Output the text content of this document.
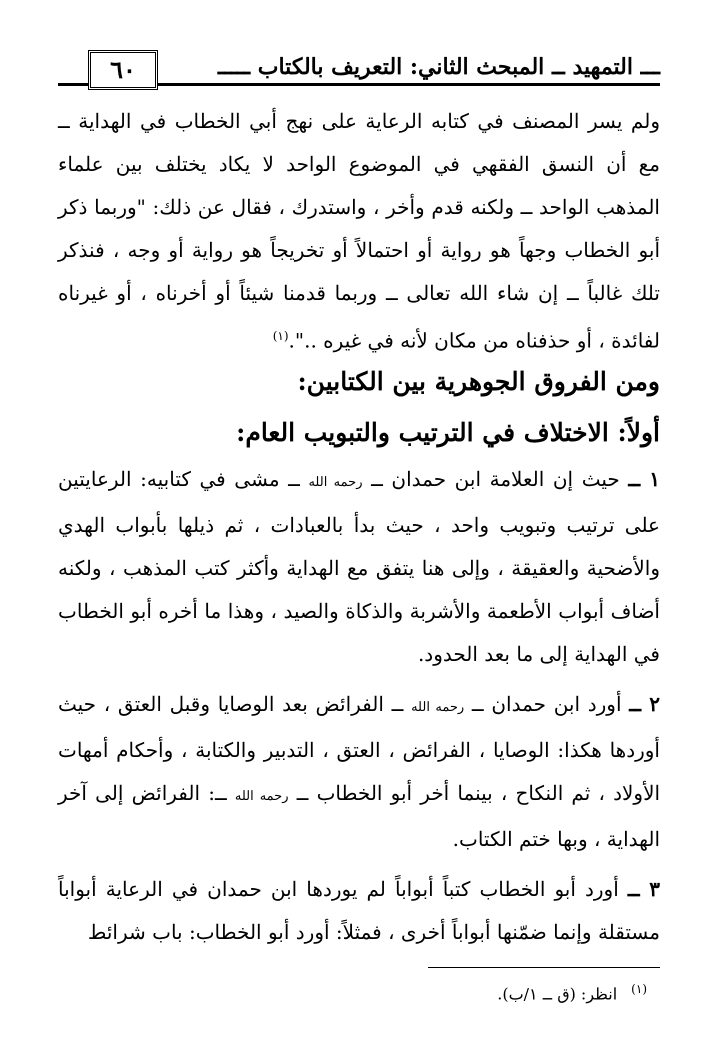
ـــ التمهيد ــ المبحث الثاني: التعريف بالكتاب ـــــ
٦٠
ولم يسر المصنف في كتابه الرعاية على نهج أبي الخطاب في الهداية ــ مع أن النسق الفقهي في الموضوع الواحد لا يكاد يختلف بين علماء المذهب الواحد ــ ولكنه قدم وأخر ، واستدرك ، فقال عن ذلك: "وربما ذكر أبو الخطاب وجهاً هو رواية أو احتمالاً أو تخريجاً هو رواية أو وجه ، فنذكر تلك غالباً ــ إن شاء الله تعالى ــ وربما قدمنا شيئاً أو أخرناه ، أو غيرناه لفائدة ، أو حذفناه من مكان لأنه في غيره ..".$^{(١)}$
ومن الفروق الجوهرية بين الكتابين:
أولاً: الاختلاف في الترتيب والتبويب العام:
١ ــ حيث إن العلامة ابن حمدان ــ رحمه الله ــ مشى في كتابيه: الرعايتين على ترتيب وتبويب واحد ، حيث بدأ بالعبادات ، ثم ذيلها بأبواب الهدي والأضحية والعقيقة ، وإلى هنا يتفق مع الهداية وأكثر كتب المذهب ، ولكنه أضاف أبواب الأطعمة والأشربة والذكاة والصيد ، وهذا ما أخره أبو الخطاب في الهداية إلى ما بعد الحدود.
٢ ــ أورد ابن حمدان ــ رحمه الله ــ الفرائض بعد الوصايا وقبل العتق ، حيث أوردها هكذا: الوصايا ، الفرائض ، العتق ، التدبير والكتابة ، وأحكام أمهات الأولاد ، ثم النكاح ، بينما أخر أبو الخطاب ــ رحمه الله ــ: الفرائض إلى آخر الهداية ، وبها ختم الكتاب.
٣ ــ أورد أبو الخطاب كتباً أبواباً لم يوردها ابن حمدان في الرعاية أبواباً مستقلة وإنما ضمّنها أبواباً أخرى ، فمثلاً: أورد أبو الخطاب: باب شرائط
$^{(١)}$انظر: (ق ــ ١/ب).
